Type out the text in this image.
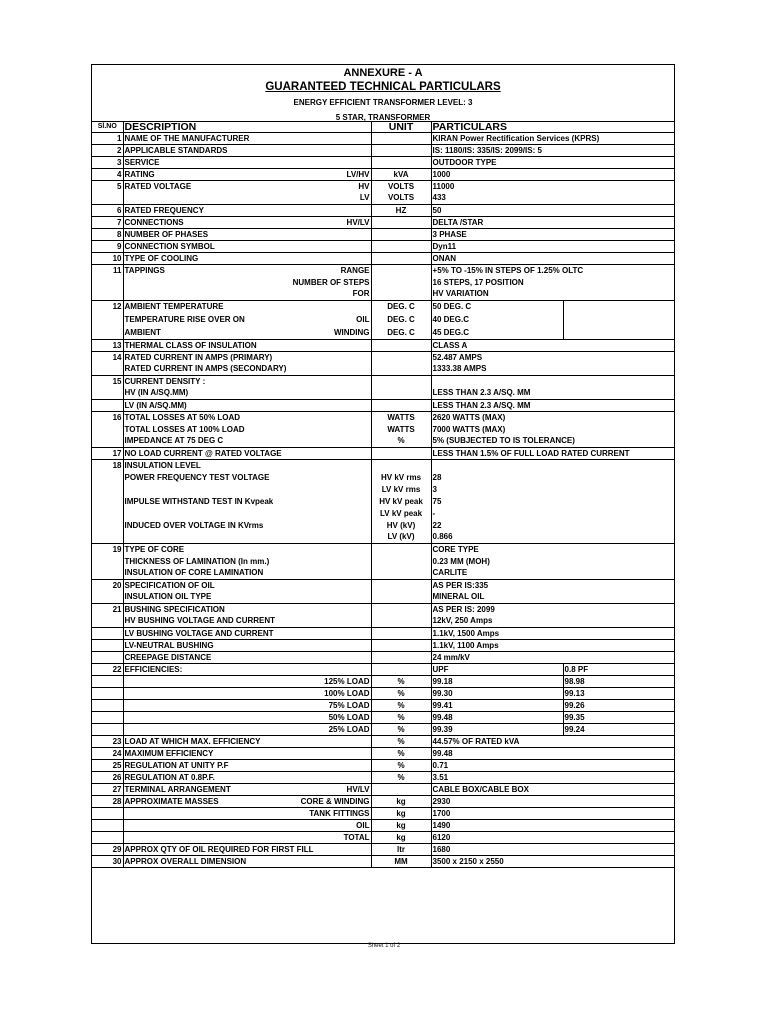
ANNEXURE - A
GUARANTEED TECHNICAL PARTICULARS
ENERGY EFFICIENT TRANSFORMER LEVEL: 3
5 STAR, TRANSFORMER
Sl.NO	DESCRIPTION		UNIT	PARTICULARS	
1	NAME OF THE MANUFACTURER			KIRAN Power Rectification Services (KPRS)	
2	APPLICABLE STANDARDS			IS: 1180/IS: 335/IS: 2099/IS: 5	
3	SERVICE			OUTDOOR TYPE	
4	RATING	LV/HV	kVA	1000	
5	RATED VOLTAGE	HV	VOLTS	11000	
		LV	VOLTS	433	
6	RATED FREQUENCY		HZ	50	
7	CONNECTIONS	HV/LV		DELTA /STAR	
8	NUMBER OF PHASES			3 PHASE	
9	CONNECTION SYMBOL			Dyn11	
10	TYPE OF COOLING			ONAN	
11	TAPPINGS	RANGE		+5% TO -15% IN STEPS OF 1.25% OLTC	
		NUMBER OF STEPS		16 STEPS, 17 POSITION	
		FOR		HV VARIATION	
12	AMBIENT TEMPERATURE		DEG. C	50 DEG. C	
	TEMPERATURE RISE OVER ON	OIL	DEG. C	40 DEG.C	
	AMBIENT	WINDING	DEG. C	45 DEG.C	
13	THERMAL CLASS OF INSULATION			CLASS A	
14	RATED CURRENT IN AMPS (PRIMARY)			52.487 AMPS	
	RATED CURRENT IN AMPS (SECONDARY)			1333.38 AMPS	
15	CURRENT DENSITY :				
	HV (IN A/SQ.MM)			LESS THAN 2.3 A/SQ. MM	
	LV (IN A/SQ.MM)			LESS THAN 2.3 A/SQ. MM	
16	TOTAL LOSSES AT 50% LOAD		WATTS	2620 WATTS (MAX)	
	TOTAL LOSSES AT 100% LOAD		WATTS	7000 WATTS (MAX)	
	IMPEDANCE AT 75 DEG C		%	5% (SUBJECTED TO IS TOLERANCE)	
17	NO LOAD CURRENT @ RATED VOLTAGE			LESS THAN 1.5% OF FULL LOAD RATED CURRENT	
18	INSULATION LEVEL				
	POWER FREQUENCY TEST VOLTAGE		HV kV rms	28	
			LV kV rms	3	
	IMPULSE WITHSTAND TEST IN Kvpeak		HV kV peak	75	
			LV kV peak	-	
	INDUCED OVER VOLTAGE IN KVrms		HV (kV)	22	
			LV (kV)	0.866	
19	TYPE OF CORE			CORE TYPE	
	THICKNESS OF LAMINATION (In mm.)			0.23 MM (MOH)	
	INSULATION OF CORE LAMINATION			CARLITE	
20	SPECIFICATION OF OIL			AS PER IS:335	
	INSULATION OIL TYPE			MINERAL OIL	
21	BUSHING SPECIFICATION			AS PER IS: 2099	
	HV BUSHING VOLTAGE AND CURRENT			12kV, 250 Amps	
	LV BUSHING VOLTAGE AND CURRENT			1.1kV, 1500 Amps	
	LV-NEUTRAL BUSHING			1.1kV, 1100 Amps	
	CREEPAGE DISTANCE			24 mm/kV	
22	EFFICIENCIES:			UPF	0.8 PF
		125% LOAD	%	99.18	98.98
		100% LOAD	%	99.30	99.13
		75% LOAD	%	99.41	99.26
		50% LOAD	%	99.48	99.35
		25% LOAD	%	99.39	99.24
23	LOAD AT WHICH MAX. EFFICIENCY		%	44.57% OF RATED kVA	
24	MAXIMUM EFFICIENCY		%	99.48	
25	REGULATION AT UNITY P.F		%	0.71	
26	REGULATION AT 0.8P.F.		%	3.51	
27	TERMINAL ARRANGEMENT	HV/LV		CABLE BOX/CABLE BOX	
28	APPROXIMATE MASSES	CORE & WINDING	kg	2930	
		TANK FITTINGS	kg	1700	
		OIL	kg	1490	
		TOTAL	kg	6120	
29	APPROX QTY OF OIL REQUIRED FOR FIRST FILL		ltr	1680	
30	APPROX OVERALL DIMENSION		MM	3500 x 2150 x 2550	
Sheet 1 of 2
